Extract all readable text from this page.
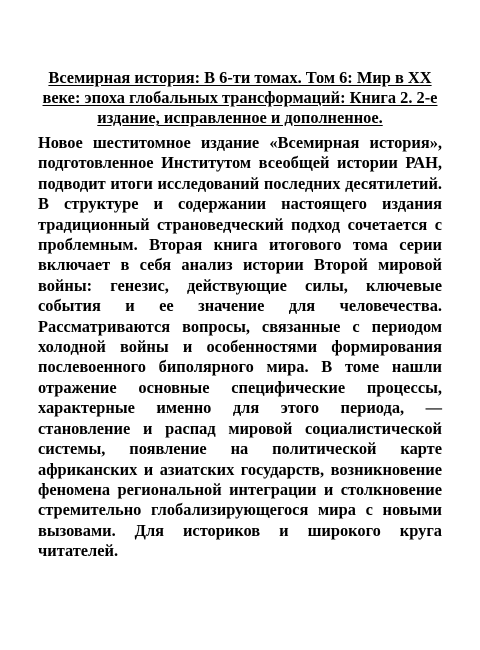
Всемирная история: В 6-ти томах. Том 6: Мир в XX веке: эпоха глобальных трансформаций: Книга 2. 2-е издание, исправленное и дополненное.

Новое шеститомное издание «Всемирная история», подготовленное Институтом всеобщей истории РАН, подводит итоги исследований последних десятилетий. В структуре и содержании настоящего издания традиционный страноведческий подход сочетается с проблемным. Вторая книга итогового тома серии включает в себя анализ истории Второй мировой войны: генезис, действующие силы, ключевые события и ее значение для человечества. Рассматриваются вопросы, связанные с периодом холодной войны и особенностями формирования послевоенного биполярного мира. В томе нашли отражение основные специфические процессы, характерные именно для этого периода, — становление и распад мировой социалистической системы, появление на политической карте африканских и азиатских государств, возникновение феномена региональной интеграции и столкновение стремительно глобализирующегося мира с новыми вызовами. Для историков и широкого круга читателей.
